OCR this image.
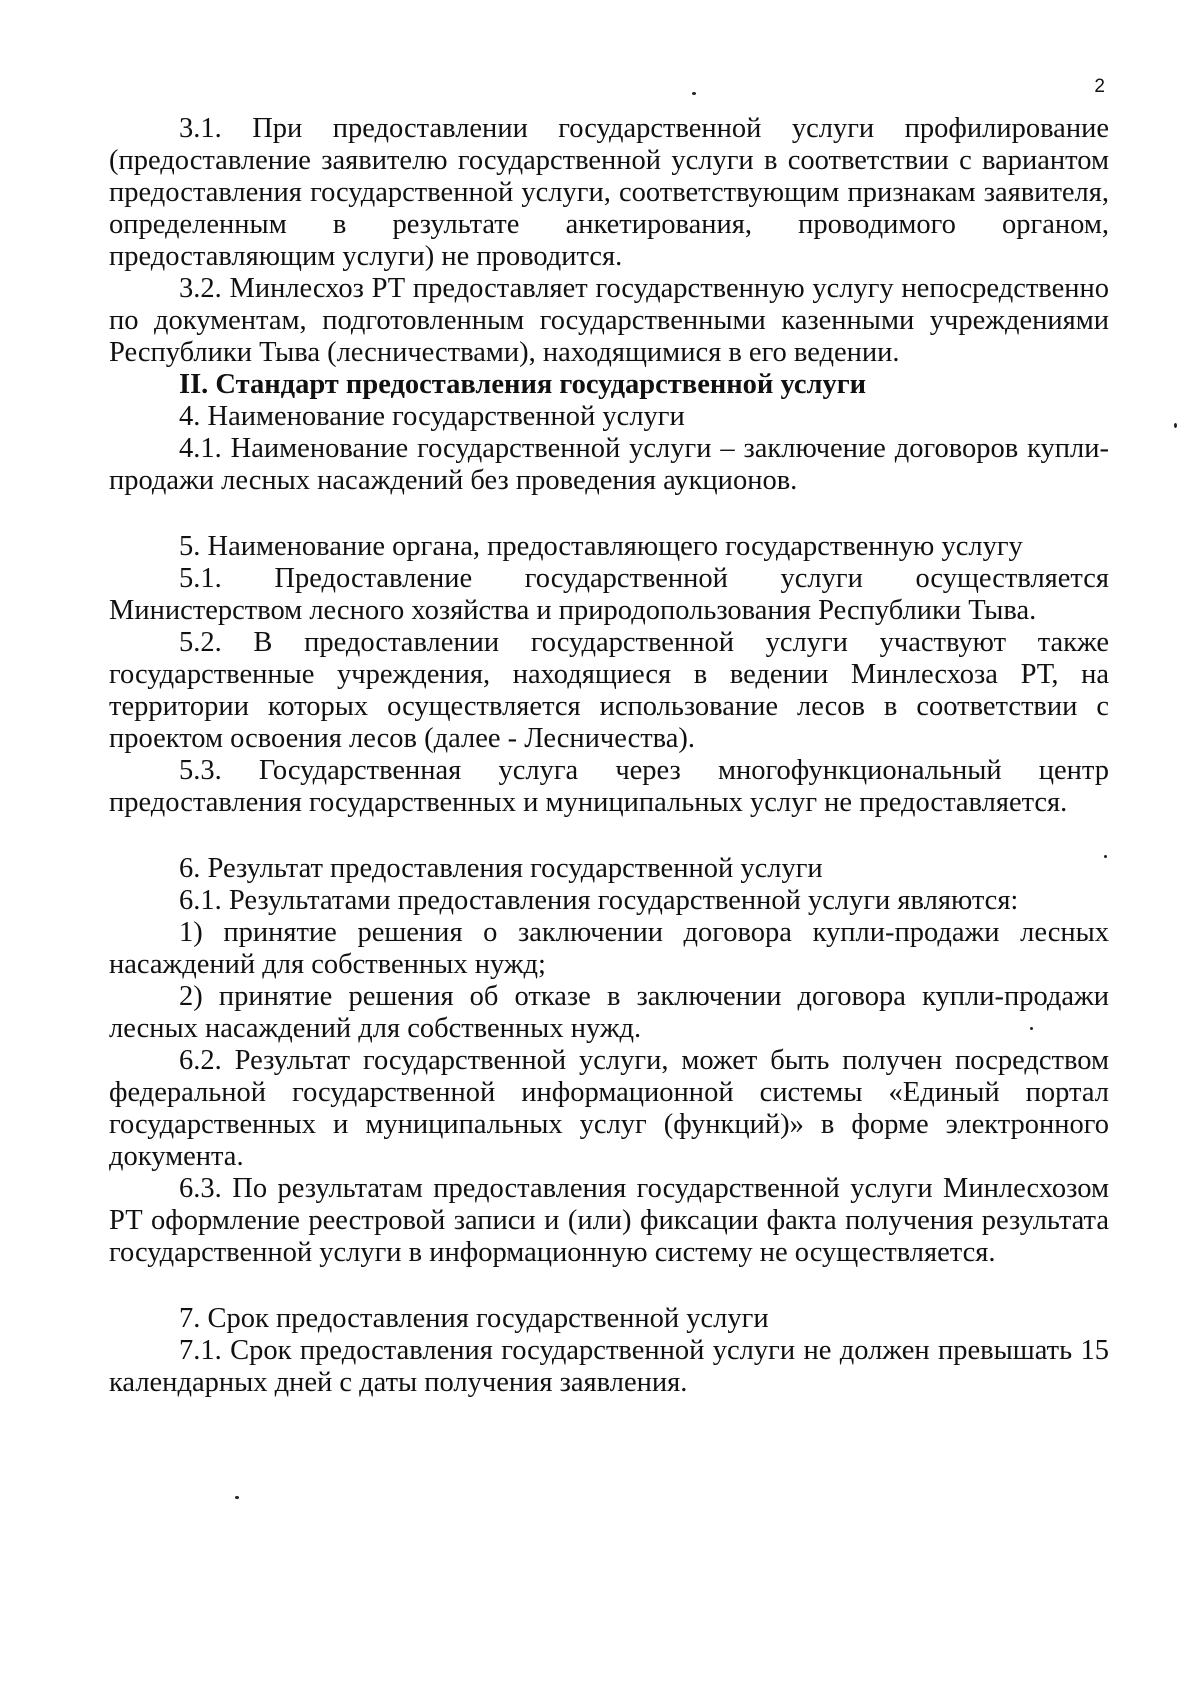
2

3.1. При предоставлении государственной услуги профилирование (предоставление заявителю государственной услуги в соответствии с вариантом предоставления государственной услуги, соответствующим признакам заявителя, определенным в результате анкетирования, проводимого органом, предоставляющим услуги) не проводится.

3.2. Минлесхоз РТ предоставляет государственную услугу непосредственно по документам, подготовленным государственными казенными учреждениями Республики Тыва (лесничествами), находящимися в его ведении.

II. Стандарт предоставления государственной услуги

4. Наименование государственной услуги

4.1. Наименование государственной услуги – заключение договоров купли-продажи лесных насаждений без проведения аукционов.

5. Наименование органа, предоставляющего государственную услугу

5.1. Предоставление государственной услуги осуществляется Министерством лесного хозяйства и природопользования Республики Тыва.

5.2. В предоставлении государственной услуги участвуют также государственные учреждения, находящиеся в ведении Минлесхоза РТ, на территории которых осуществляется использование лесов в соответствии с проектом освоения лесов (далее - Лесничества).

5.3. Государственная услуга через многофункциональный центр предоставления государственных и муниципальных услуг не предоставляется.

6. Результат предоставления государственной услуги

6.1. Результатами предоставления государственной услуги являются:

1) принятие решения о заключении договора купли-продажи лесных насаждений для собственных нужд;

2) принятие решения об отказе в заключении договора купли-продажи лесных насаждений для собственных нужд.

6.2. Результат государственной услуги, может быть получен посредством федеральной государственной информационной системы «Единый портал государственных и муниципальных услуг (функций)» в форме электронного документа.

6.3. По результатам предоставления государственной услуги Минлесхозом РТ оформление реестровой записи и (или) фиксации факта получения результата государственной услуги в информационную систему не осуществляется.

7. Срок предоставления государственной услуги

7.1. Срок предоставления государственной услуги не должен превышать 15 календарных дней с даты получения заявления.
